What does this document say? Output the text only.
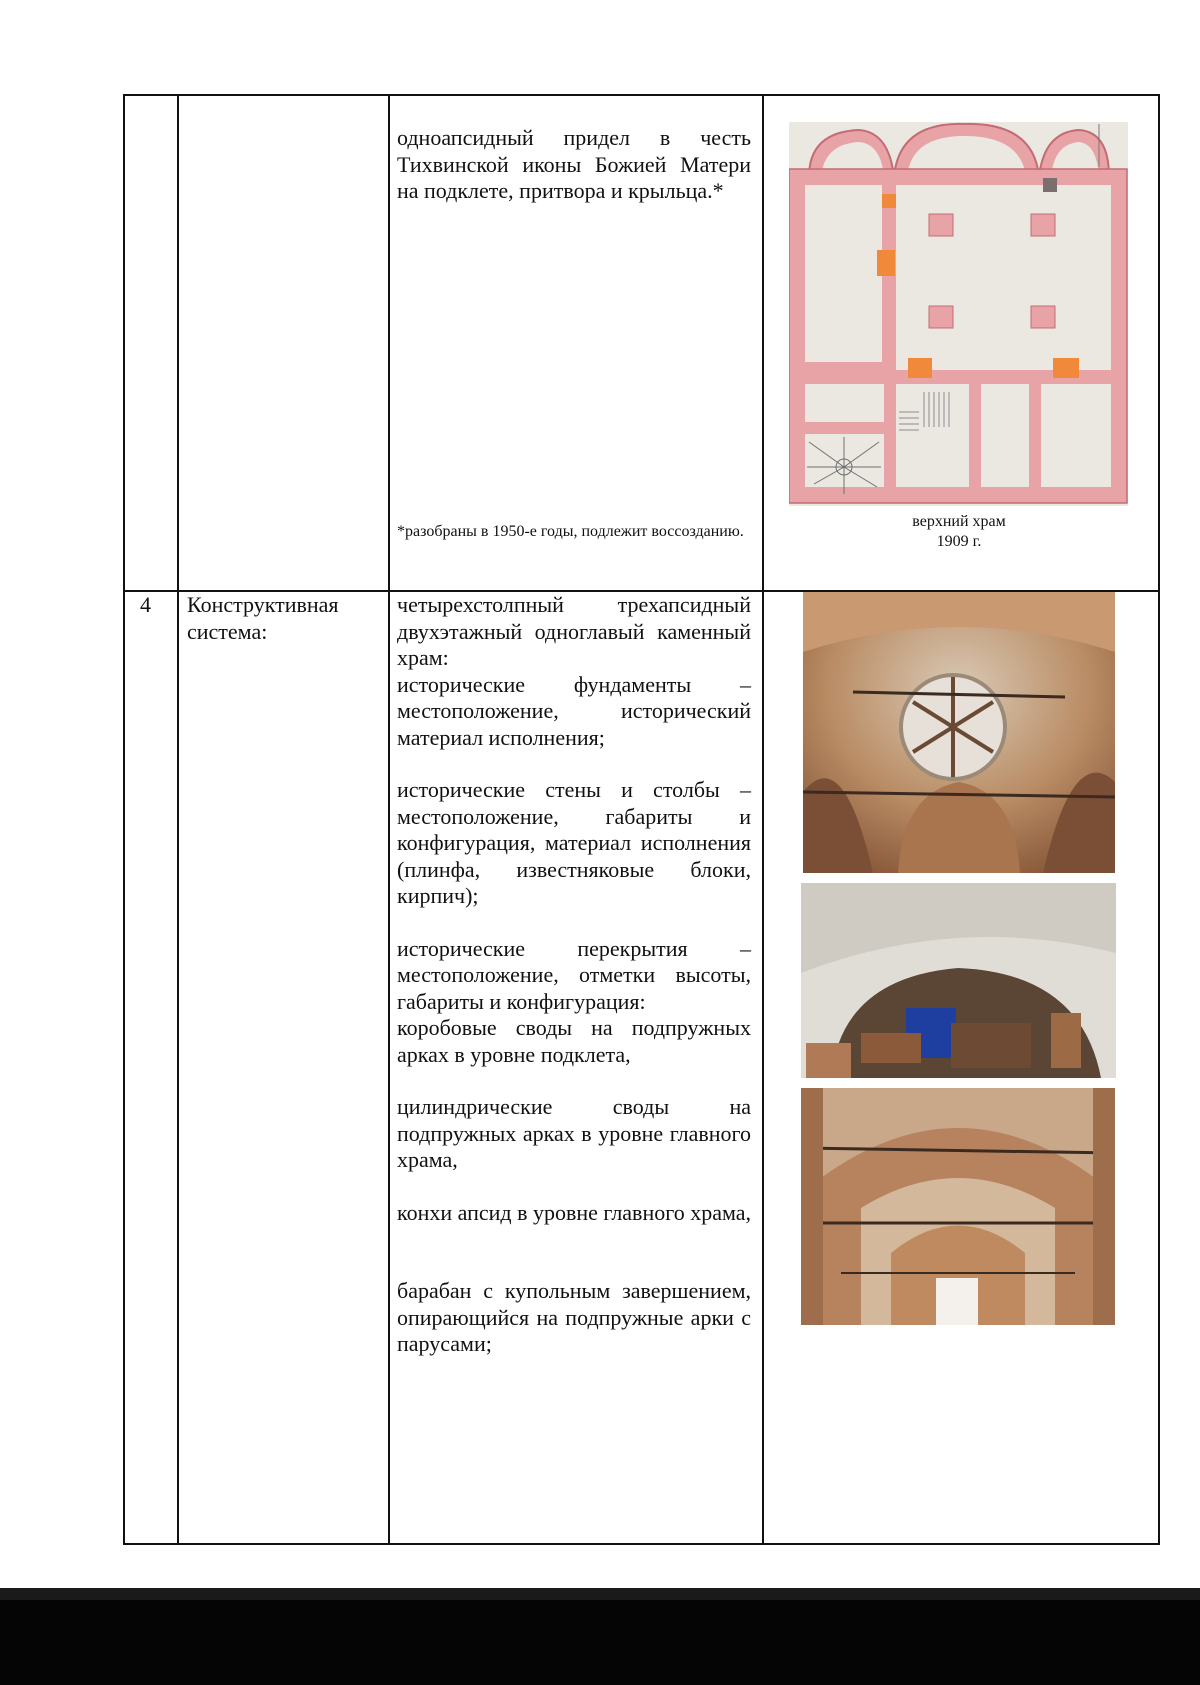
одноапсидный придел в честь Тихвинской иконы Божией Матери на подклете, притвора и крыльца.*

*разобраны в 1950-е годы, подлежит воссозданию.
верхний храм
1909 г.
4	Конструктивная система:

четырехстолпный трехапсидный двухэтажный одноглавый каменный храм:

исторические фундаменты – местоположение, исторический материал исполнения;

исторические стены и столбы – местоположение, габариты и конфигурация, материал исполнения (плинфа, известняковые блоки, кирпич);

исторические перекрытия – местоположение, отметки высоты, габариты и конфигурация:

коробовые своды на подпружных арках в уровне подклета,

цилиндрические своды на подпружных арках в уровне главного храма,

конхи апсид в уровне главного храма,

барабан с купольным завершением, опирающийся на подпружные арки с парусами;
